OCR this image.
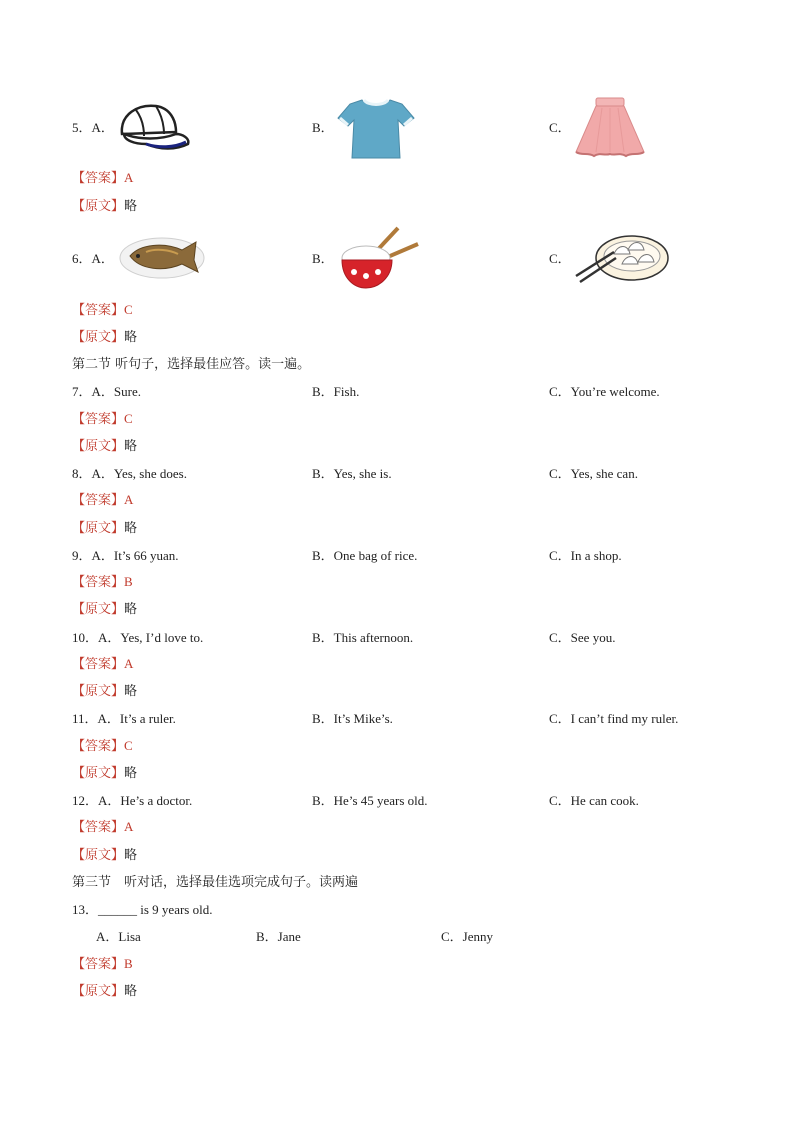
5．A．	B．	C．
【答案】A
【原文】略
6．A．	B．	C．
【答案】C
【原文】略
第二节 听句子，选择最佳应答。读一遍。
7．A．Sure.	B．Fish.	C．You’re welcome.
【答案】C
【原文】略
8．A．Yes, she does.	B．Yes, she is.	C．Yes, she can.
【答案】A
【原文】略
9．A．It’s 66 yuan.	B．One bag of rice.	C．In a shop.
【答案】B
【原文】略
10．A．Yes, I’d love to.	B．This afternoon.	C．See you.
【答案】A
【原文】略
11．A．It’s a ruler.	B．It’s Mike’s.	C．I can’t find my ruler.
【答案】C
【原文】略
12．A．He’s a doctor.	B．He’s 45 years old.	C．He can cook.
【答案】A
【原文】略
第三节　听对话，选择最佳选项完成句子。读两遍
13．______ is 9 years old.
A．Lisa	B．Jane	C．Jenny
【答案】B
【原文】略
